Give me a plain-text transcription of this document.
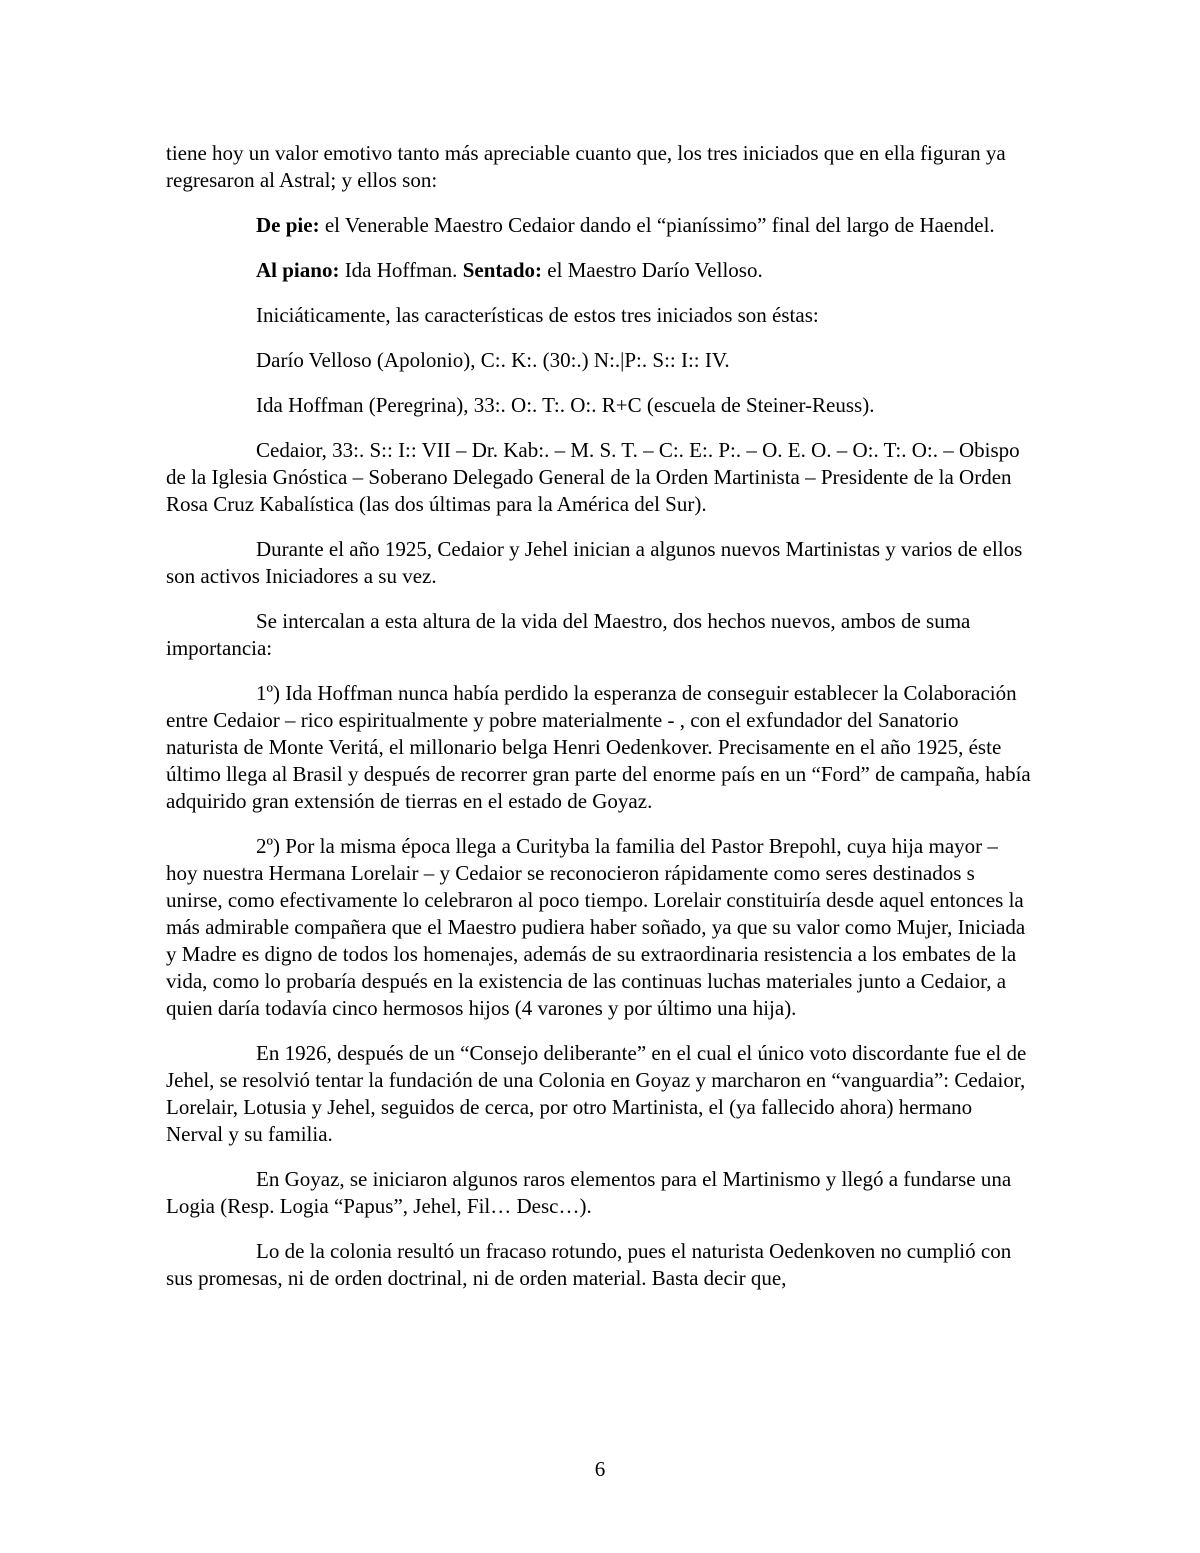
tiene hoy un valor emotivo tanto más apreciable cuanto que, los tres iniciados que en ella figuran ya regresaron al Astral; y ellos son:

De pie: el Venerable Maestro Cedaior dando el “pianíssimo” final del largo de Haendel.

Al piano: Ida Hoffman. Sentado: el Maestro Darío Velloso.

Iniciáticamente, las características de estos tres iniciados son éstas:

Darío Velloso (Apolonio), C:. K:. (30:.) N:.|P:. S:: I:: IV.

Ida Hoffman (Peregrina), 33:. O:. T:. O:. R+C (escuela de Steiner-Reuss).

Cedaior, 33:. S:: I:: VII – Dr. Kab:. – M. S. T. – C:. E:. P:. – O. E. O. – O:. T:. O:. – Obispo de la Iglesia Gnóstica – Soberano Delegado General de la Orden Martinista – Presidente de la Orden Rosa Cruz Kabalística (las dos últimas para la América del Sur).

Durante el año 1925, Cedaior y Jehel inician a algunos nuevos Martinistas y varios de ellos son activos Iniciadores a su vez.

Se intercalan a esta altura de la vida del Maestro, dos hechos nuevos, ambos de suma importancia:

1º) Ida Hoffman nunca había perdido la esperanza de conseguir establecer la Colaboración entre Cedaior – rico espiritualmente y pobre materialmente - , con el exfundador del Sanatorio naturista de Monte Veritá, el millonario belga Henri Oedenkover. Precisamente en el año 1925, éste último llega al Brasil y después de recorrer gran parte del enorme país en un “Ford” de campaña, había adquirido gran extensión de tierras en el estado de Goyaz.

2º) Por la misma época llega a Curityba la familia del Pastor Brepohl, cuya hija mayor – hoy nuestra Hermana Lorelair – y Cedaior se reconocieron rápidamente como seres destinados s unirse, como efectivamente lo celebraron al poco tiempo. Lorelair constituiría desde aquel entonces la más admirable compañera que el Maestro pudiera haber soñado, ya que su valor como Mujer, Iniciada y Madre es digno de todos los homenajes, además de su extraordinaria resistencia a los embates de la vida, como lo probaría después en la existencia de las continuas luchas materiales junto a Cedaior, a quien daría todavía cinco hermosos hijos (4 varones y por último una hija).

En 1926, después de un “Consejo deliberante” en el cual el único voto discordante fue el de Jehel, se resolvió tentar la fundación de una Colonia en Goyaz y marcharon en “vanguardia”: Cedaior, Lorelair, Lotusia y Jehel, seguidos de cerca, por otro Martinista, el (ya fallecido ahora) hermano Nerval y su familia.

En Goyaz, se iniciaron algunos raros elementos para el Martinismo y llegó a fundarse una Logia (Resp. Logia “Papus”, Jehel, Fil… Desc…).

Lo de la colonia resultó un fracaso rotundo, pues el naturista Oedenkoven no cumplió con sus promesas, ni de orden doctrinal, ni de orden material. Basta decir que,

6
